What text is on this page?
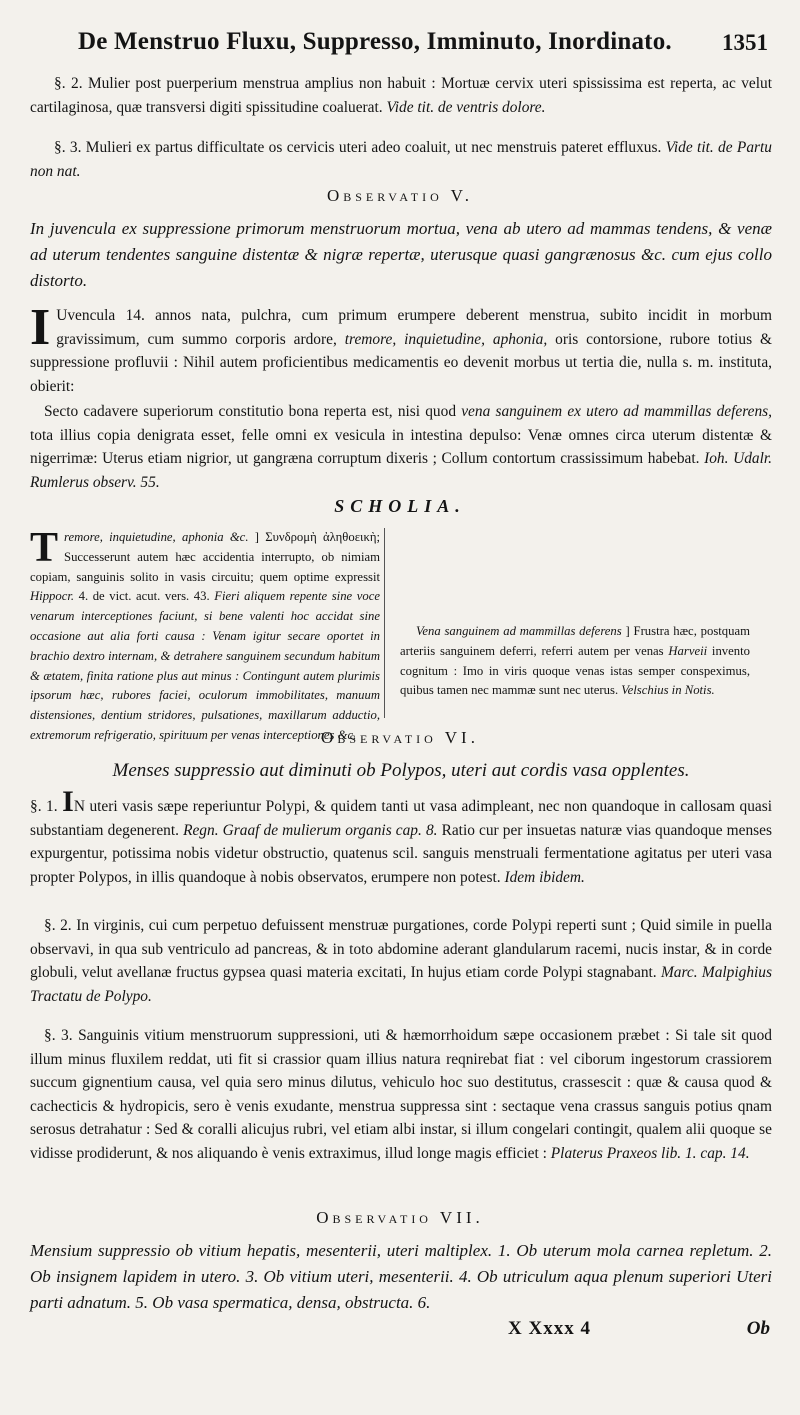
De Menstruo Fluxu, Suppresso, Imminuto, Inordinato. 1351
§. 2. Mulier post puerperium menstrua amplius non habuit : Mortuæ cervix uteri spississima est reperta, ac velut cartilaginosa, quæ transversi digiti spissitudine coaluerat. Vide tit. de ventris dolore.
§. 3. Mulieri ex partus difficultate os cervicis uteri adeo coaluit, ut nec menstruis pateret effluxus. Vide tit. de Partu non nat.
Observatio V.
In juvencula ex suppressione primorum menstruorum mortua, vena ab utero ad mammas tendens, & venæ ad uterum tendentes sanguine distentæ & nigræ repertæ, uterusque quasi gangrænosus &c. cum ejus collo distorto.
I Uvencula 14. annos nata, pulchra, cum primum erumpere deberent menstrua, subito incidit in morbum gravissimum, cum summo corporis ardore, tremore, inquietudine, aphonia, oris contorsione, rubore totius & suppressione profluvii : Nihil autem proficientibus medicamentis eo devenit morbus ut tertia die, nulla s. m. instituta, obierit:
Secto cadavere superiorum constitutio bona reperta est, nisi quod vena sanguinem ex utero ad mammillas deferens, tota illius copia denigrata esset, felle omni ex vesicula in intestina depulso: Venæ omnes circa uterum distentæ & nigerrimæ: Uterus etiam nigrior, ut gangræna corruptum dixeris ; Collum contortum crassissimum habebat. Ioh. Udalr. Rumlerus observ. 55.
SCHOLIA.
Tremore, inquietudine, aphonia &c. ] Συνδρομὴ ἀληθοεικὴ; Successerunt autem hæc accidentia interrupto, ob nimiam copiam, sanguinis solito in vasis circuitu; quem optime expressit Hippocr. 4. de vict. acut. vers. 43. Fieri aliquem repente sine voce venarum interceptiones faciunt, si bene valenti hoc accidat sine occasione aut alia forti causa : Venam igitur secare oportet in brachio dextro internam, & detrahere sanguinem secundum habitum & ætatem, finita ratione plus aut minus : Contingunt autem plurimis ipsorum hæc, rubores faciei, oculorum immobilitates, manuum distensiones, dentium stridores, pulsationes, maxillarum adductio, extremorum refrigeratio, spirituum per venas interceptiones &c.
Vena sanguinem ad mammillas deferens ] Frustra hæc, postquam arteriis sanguinem deferri, referri autem per venas Harveii invento cognitum : Imo in viris quoque venas istas semper conspeximus, quibus tamen nec mammæ sunt nec uterus. Velschius in Notis.
Observatio VI.
Menses suppressio aut diminuti ob Polypos, uteri aut cordis vasa opplentes.
§. 1. IN uteri vasis sæpe reperiuntur Polypi, & quidem tanti ut vasa adimpleant, nec non quandoque in callosam quasi substantiam degenerent. Regn. Graaf de mulierum organis cap. 8. Ratio cur per insuetas naturæ vias quandoque menses expurgentur, potissima nobis videtur obstructio, quatenus scil. sanguis menstruali fermentatione agitatus per uteri vasa propter Polypos, in illis quandoque à nobis observatos, erumpere non potest. Idem ibidem.
§. 2. In virginis, cui cum perpetuo defuissent menstruæ purgationes, corde Polypi reperti sunt ; Quid simile in puella observavi, in qua sub ventriculo ad pancreas, & in toto abdomine aderant glandularum racemi, nucis instar, & in corde globuli, velut avellanæ fructus gypsea quasi materia excitati, In hujus etiam corde Polypi stagnabant. Marc. Malpighius Tractatu de Polypo.
§. 3. Sanguinis vitium menstruorum suppressioni, uti & hæmorrhoidum sæpe occasionem præbet : Si tale sit quod illum minus fluxilem reddat, uti fit si crassior quam illius natura reqnirebat fiat : vel ciborum ingestorum crassiorem succum gignentium causa, vel quia sero minus dilutus, vehiculo hoc suo destitutus, crassescit : quæ & causa quod & cachecticis & hydropicis, sero è venis exudante, menstrua suppressa sint : sectaque vena crassus sanguis potius qnam serosus detrahatur : Sed & coralli alicujus rubri, vel etiam albi instar, si illum congelari contingit, qualem alii quoque se vidisse prodiderunt, & nos aliquando è venis extraximus, illud longe magis efficiet : Platerus Praxeos lib. 1. cap. 14.
Observatio VII.
Mensium suppressio ob vitium hepatis, mesenterii, uteri maltiplex. 1. Ob uterum mola carnea repletum. 2. Ob insignem lapidem in utero. 3. Ob vitium uteri, mesenterii. 4. Ob utriculum aqua plenum superiori Uteri parti adnatum. 5. Ob vasa spermatica, densa, obstructa. 6.
X Xxxx 4	Ob
